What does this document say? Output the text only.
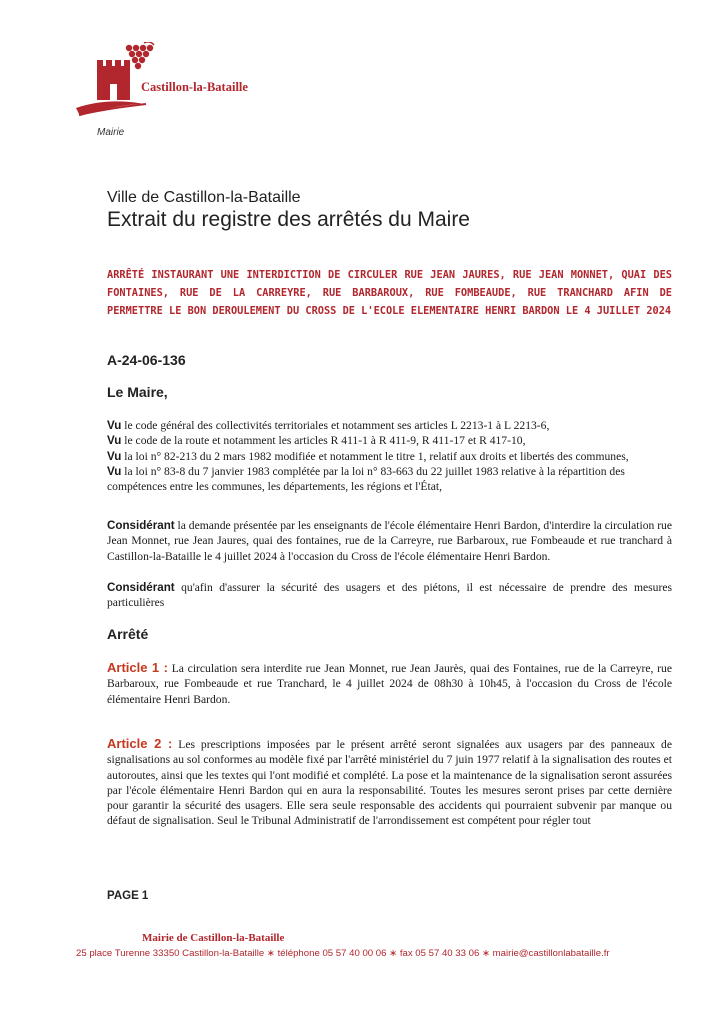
Castillon-la-Bataille
Mairie
Ville de Castillon-la-Bataille
Extrait du registre des arrêtés du Maire
ARRÊTÉ INSTAURANT UNE INTERDICTION DE CIRCULER RUE JEAN JAURES, RUE JEAN MONNET, QUAI DES FONTAINES, RUE DE LA CARREYRE, RUE BARBAROUX, RUE FOMBEAUDE, RUE TRANCHARD AFIN DE PERMETTRE LE BON DEROULEMENT DU CROSS DE L'ECOLE ELEMENTAIRE HENRI BARDON LE 4 JUILLET 2024
A-24-06-136
Le Maire,

Vu le code général des collectivités territoriales et notamment ses articles L 2213-1 à L 2213-6,

Vu le code de la route et notamment les articles R 411-1 à R 411-9, R 411-17 et R 417-10,

Vu la loi n° 82-213 du 2 mars 1982 modifiée et notamment le titre 1, relatif aux droits et libertés des communes,

Vu la loi n° 83-8 du 7 janvier 1983 complétée par la loi n° 83-663 du 22 juillet 1983 relative à la répartition des compétences entre les communes, les départements, les régions et l'État,

Considérant la demande présentée par les enseignants de l'école élémentaire Henri Bardon, d'interdire la circulation rue Jean Monnet, rue Jean Jaures, quai des fontaines, rue de la Carreyre, rue Barbaroux, rue Fombeaude et rue tranchard à Castillon-la-Bataille le 4 juillet 2024 à l'occasion du Cross de l'école élémentaire Henri Bardon.
Considérant qu'afin d'assurer la sécurité des usagers et des piétons, il est nécessaire de prendre des mesures particulières
Arrêté
Article 1 : La circulation sera interdite rue Jean Monnet, rue Jean Jaurès, quai des Fontaines, rue de la Carreyre, rue Barbaroux, rue Fombeaude et rue Tranchard, le 4 juillet 2024 de 08h30 à 10h45, à l'occasion du Cross de l'école élémentaire Henri Bardon.
Article 2 : Les prescriptions imposées par le présent arrêté seront signalées aux usagers par des panneaux de signalisations au sol conformes au modèle fixé par l'arrêté ministériel du 7 juin 1977 relatif à la signalisation des routes et autoroutes, ainsi que les textes qui l'ont modifié et complété. La pose et la maintenance de la signalisation seront assurées par l'école élémentaire Henri Bardon qui en aura la responsabilité. Toutes les mesures seront prises par cette dernière pour garantir la sécurité des usagers. Elle sera seule responsable des accidents qui pourraient subvenir par manque ou défaut de signalisation. Seul le Tribunal Administratif de l'arrondissement est compétent pour régler tout
PAGE 1
Mairie de Castillon-la-Bataille
25 place Turenne 33350 Castillon-la-Bataille ∗ téléphone 05 57 40 00 06 ∗ fax 05 57 40 33 06 ∗ mairie@castillonlabataille.fr
